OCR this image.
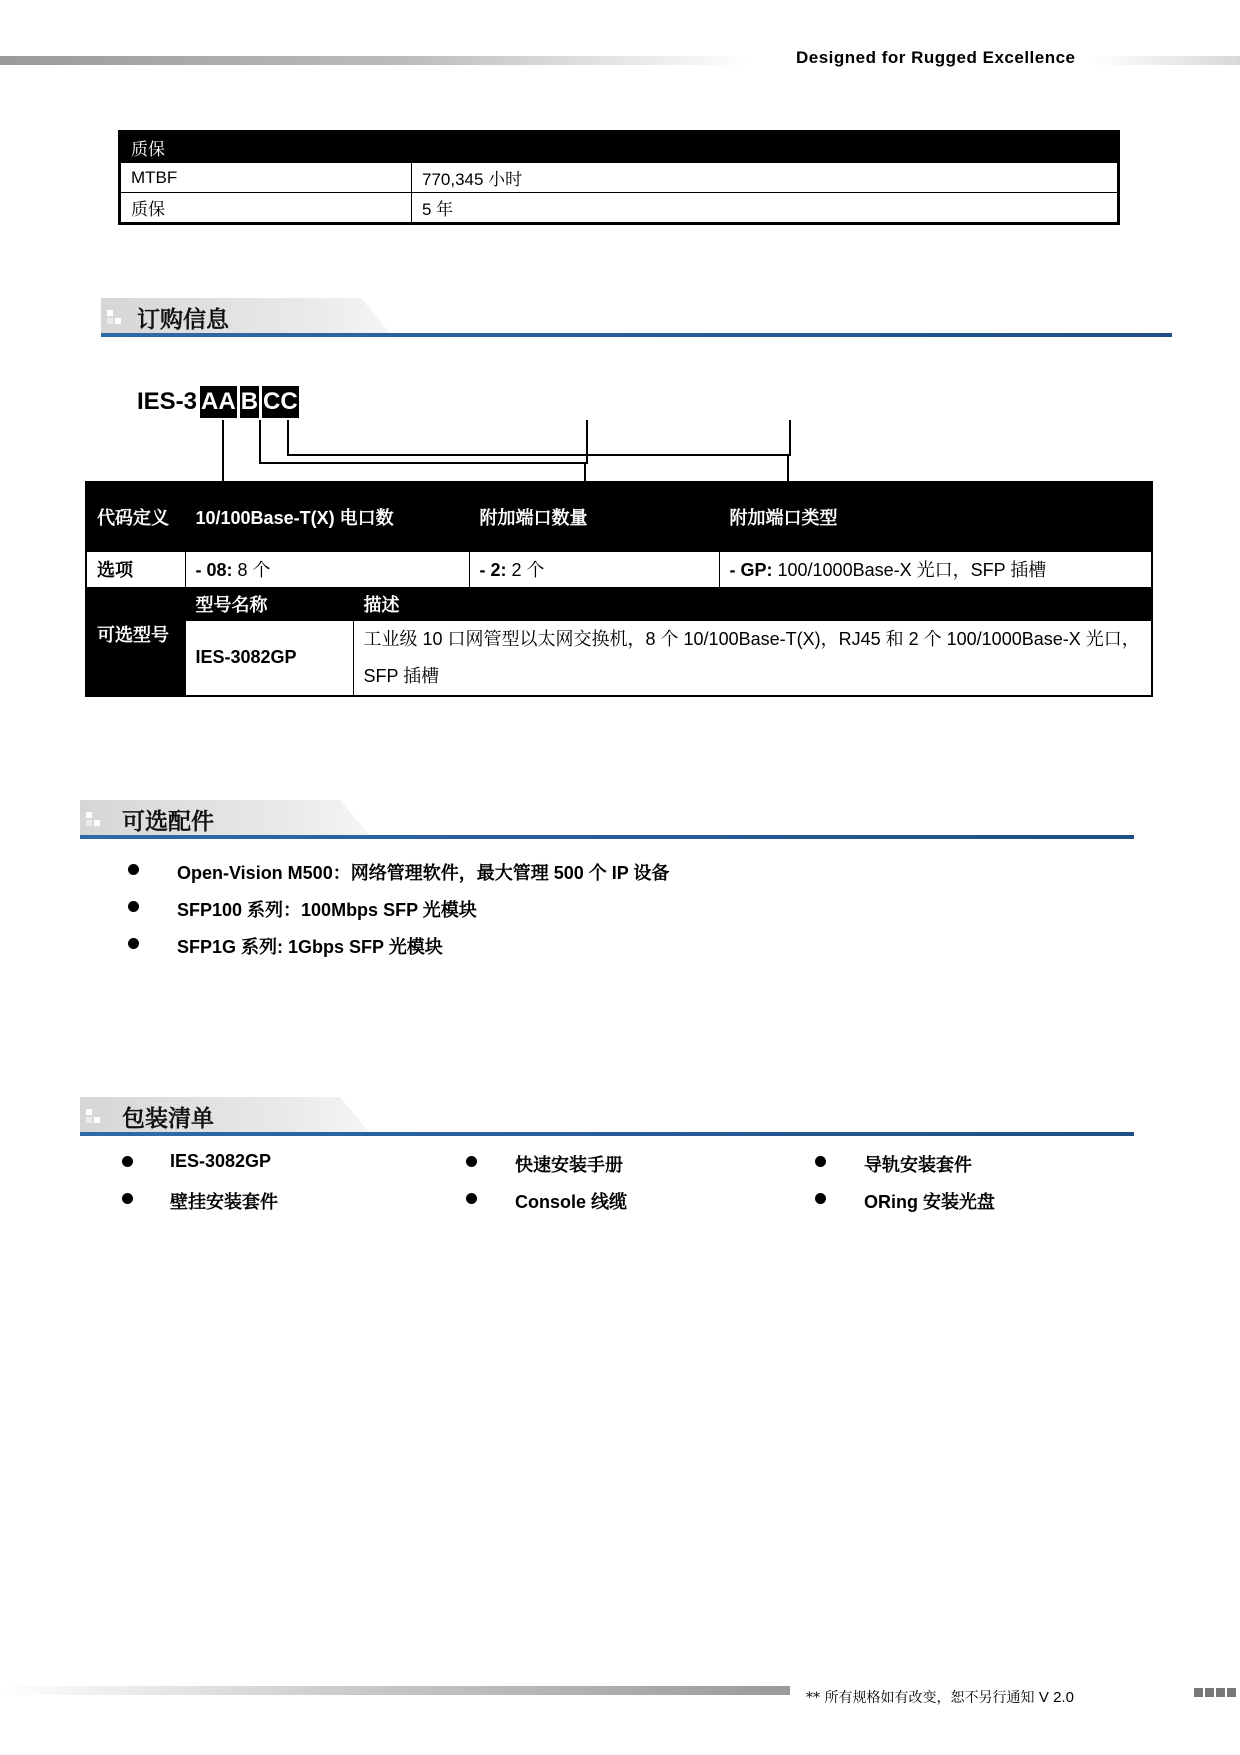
Designed for Rugged Excellence
质保	
MTBF	770,345 小时
质保	5 年
订购信息
IES-3 AA B CC
代码定义	10/100Base-T(X) 电口数		附加端口数量	附加端口类型
选项	- 08: 8 个		- 2: 2 个	- GP: 100/1000Base-X 光口，SFP 插槽
可选型号	型号名称	描述		
	IES-3082GP	工业级 10 口网管型以太网交换机，8 个 10/100Base-T(X)，RJ45 和 2 个 100/1000Base-X 光口，SFP 插槽		
可选配件
Open-Vision M500：网络管理软件，最大管理 500 个 IP 设备
SFP100 系列：100Mbps SFP 光模块
SFP1G 系列: 1Gbps SFP 光模块
包装清单
IES-3082GP	快速安装手册	导轨安装套件
壁挂安装套件	Console 线缆	ORing 安装光盘
** 所有规格如有改变，恕不另行通知 V 2.0
